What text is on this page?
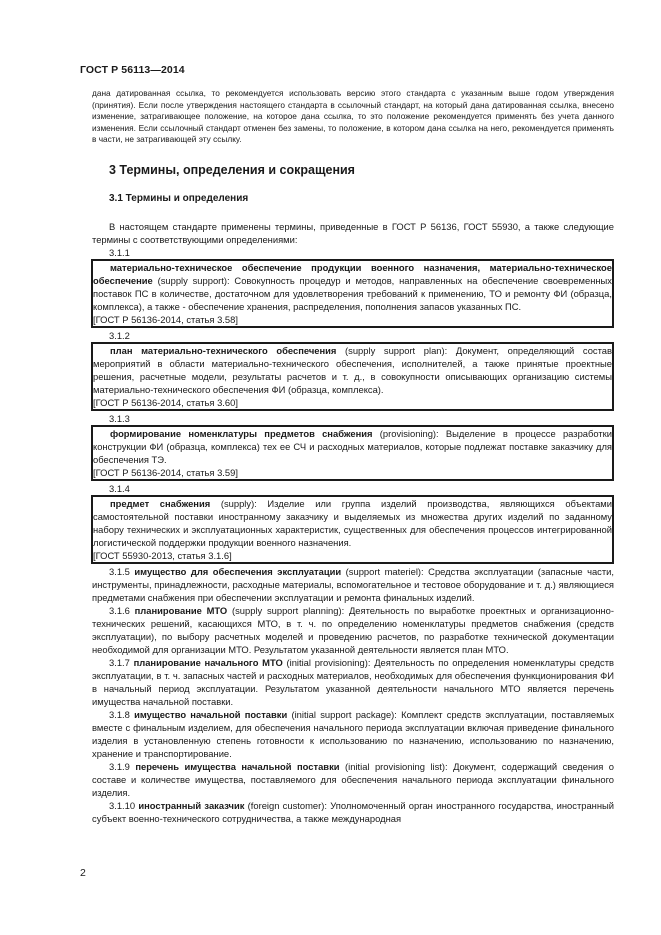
ГОСТ Р 56113—2014

дана датированная ссылка, то рекомендуется использовать версию этого стандарта с указанным выше годом утверждения (принятия). Если после утверждения настоящего стандарта в ссылочный стандарт, на который дана датированная ссылка, внесено изменение, затрагивающее положение, на которое дана ссылка, то это положение рекомендуется применять без учета данного изменения. Если ссылочный стандарт отменен без замены, то положение, в котором дана ссылка на него, рекомендуется применять в части, не затрагивающей эту ссылку.

3 Термины, определения и сокращения
3.1 Термины и определения

В настоящем стандарте применены термины, приведенные в ГОСТ Р 56136, ГОСТ 55930, а также следующие термины с соответствующими определениями:

3.1.1

материально-техническое обеспечение продукции военного назначения, материально-техническое обеспечение (supply support): Совокупность процедур и методов, направленных на обеспечение своевременных поставок ПС в количестве, достаточном для удовлетворения требований к применению, ТО и ремонту ФИ (образца, комплекса), а также - обеспечение хранения, распределения, пополнения запасов указанных ПС.

[ГОСТ Р 56136-2014, статья 3.58]

3.1.2

план материально-технического обеспечения (supply support plan): Документ, определяющий состав мероприятий в области материально-технического обеспечения, исполнителей, а также принятые проектные решения, расчетные модели, результаты расчетов и т. д., в совокупности описывающих организацию системы материально-технического обеспечения ФИ (образца, комплекса).

[ГОСТ Р 56136-2014, статья 3.60]

3.1.3

формирование номенклатуры предметов снабжения (provisioning): Выделение в процессе разработки конструкции ФИ (образца, комплекса) тех ее СЧ и расходных материалов, которые подлежат поставке заказчику для обеспечения ТЭ.

[ГОСТ Р 56136-2014, статья 3.59]

3.1.4

предмет снабжения (supply): Изделие или группа изделий производства, являющихся объектами самостоятельной поставки иностранному заказчику и выделяемых из множества других изделий по заданному набору технических и эксплуатационных характеристик, существенных для обеспечения процессов интегрированной логистической поддержки продукции военного назначения.

[ГОСТ 55930-2013, статья 3.1.6]

3.1.5 имущество для обеспечения эксплуатации (support materiel): Средства эксплуатации (запасные части, инструменты, принадлежности, расходные материалы, вспомогательное и тестовое оборудование и т. д.) являющиеся предметами снабжения при обеспечении эксплуатации и ремонта финальных изделий.

3.1.6 планирование МТО (supply support planning): Деятельность по выработке проектных и организационно-технических решений, касающихся МТО, в т. ч. по определению номенклатуры предметов снабжения (средств эксплуатации), по выбору расчетных моделей и проведению расчетов, по разработке технической документации необходимой для организации МТО. Результатом указанной деятельности является план МТО.

3.1.7 планирование начального МТО (initial provisioning): Деятельность по определения номенклатуры средств эксплуатации, в т. ч. запасных частей и расходных материалов, необходимых для обеспечения функционирования ФИ в начальный период эксплуатации. Результатом указанной деятельности начального МТО является перечень имущества начальной поставки.

3.1.8 имущество начальной поставки (initial support package): Комплект средств эксплуатации, поставляемых вместе с финальным изделием, для обеспечения начального периода эксплуатации включая приведение финального изделия в установленную степень готовности к использованию по назначению, использованию по назначению, хранение и транспортирование.

3.1.9 перечень имущества начальной поставки (initial provisioning list): Документ, содержащий сведения о составе и количестве имущества, поставляемого для обеспечения начального периода эксплуатации финального изделия.

3.1.10 иностранный заказчик (foreign customer): Уполномоченный орган иностранного государства, иностранный субъект военно-технического сотрудничества, а также международная

2
